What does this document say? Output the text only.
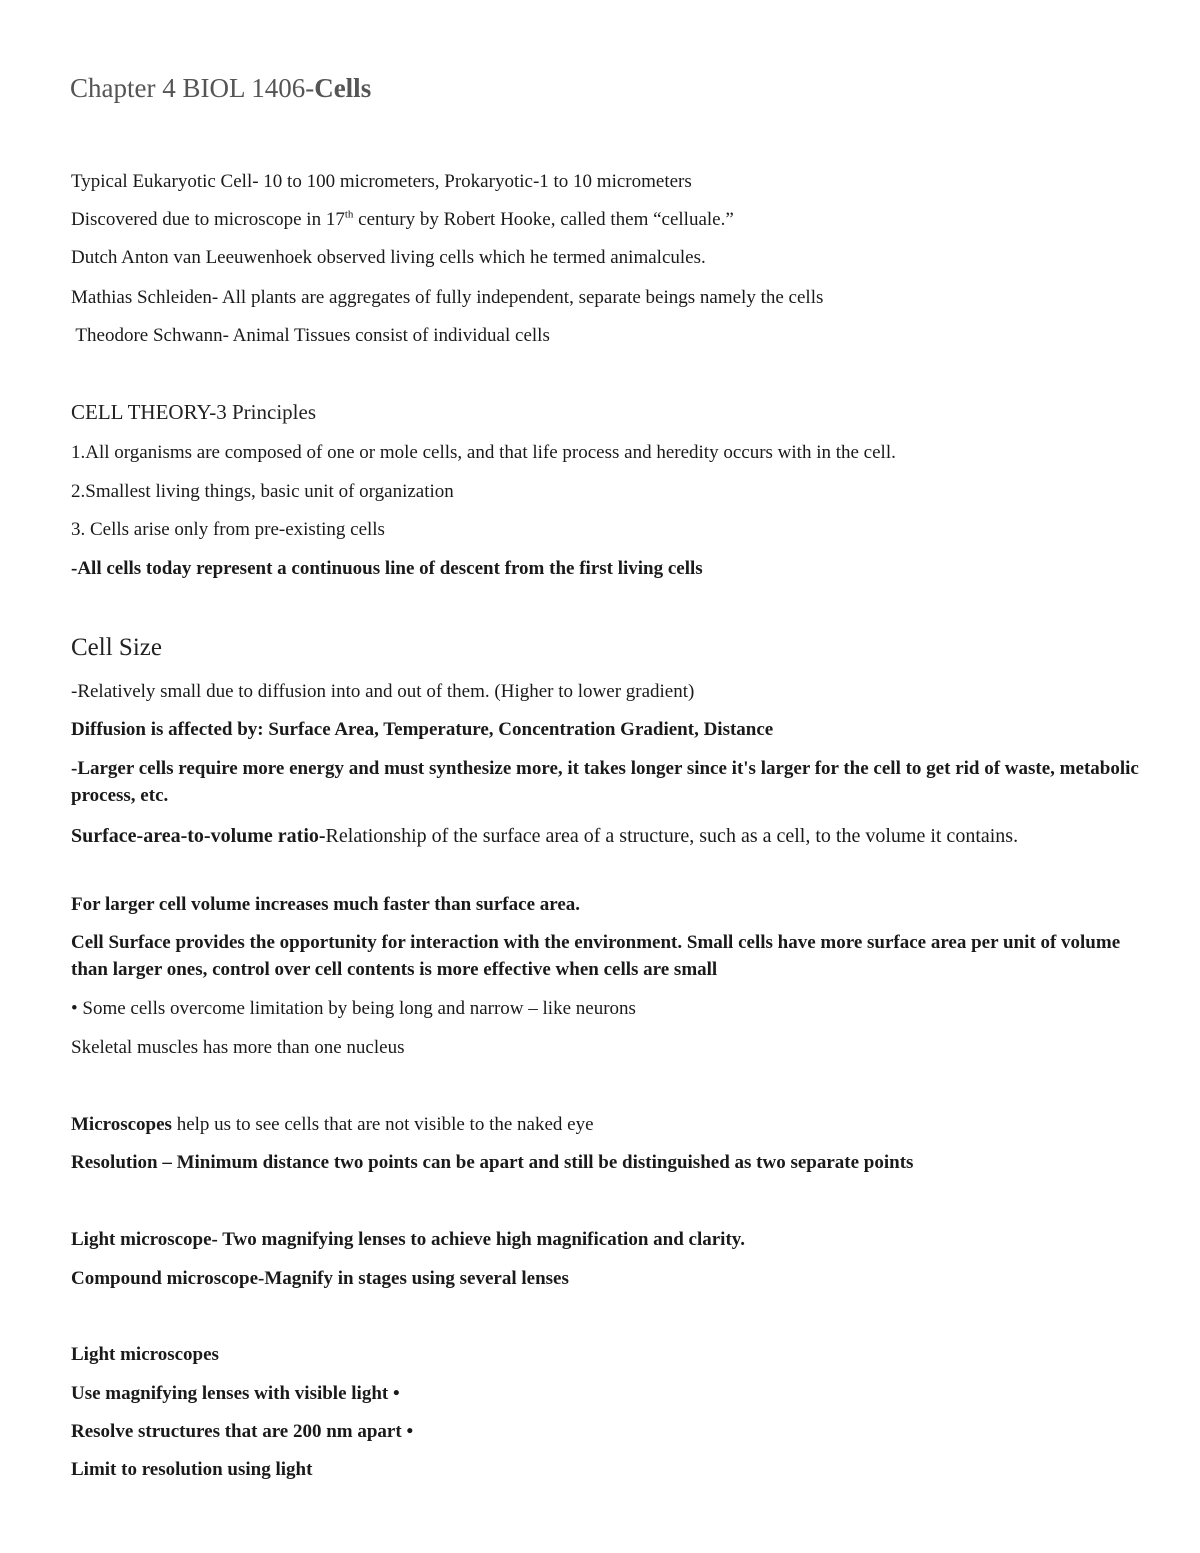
Chapter 4 BIOL 1406-Cells
Typical Eukaryotic Cell- 10 to 100 micrometers, Prokaryotic-1 to 10 micrometers
Discovered due to microscope in 17th century by Robert Hooke, called them “celluale.”
Dutch Anton van Leeuwenhoek observed living cells which he termed animalcules.
Mathias Schleiden- All plants are aggregates of fully independent, separate beings namely the cells
Theodore Schwann- Animal Tissues consist of individual cells
CELL THEORY-3 Principles
1.All organisms are composed of one or mole cells, and that life process and heredity occurs with in the cell.
2.Smallest living things, basic unit of organization
3. Cells arise only from pre-existing cells
-All cells today represent a continuous line of descent from the first living cells
Cell Size
-Relatively small due to diffusion into and out of them. (Higher to lower gradient)
Diffusion is affected by: Surface Area, Temperature, Concentration Gradient, Distance
-Larger cells require more energy and must synthesize more, it takes longer since it's larger for the cell to get rid of waste, metabolic process, etc.
Surface-area-to-volume ratio-Relationship of the surface area of a structure, such as a cell, to the volume it contains.
For larger cell volume increases much faster than surface area.
Cell Surface provides the opportunity for interaction with the environment. Small cells have more surface area per unit of volume than larger ones, control over cell contents is more effective when cells are small
• Some cells overcome limitation by being long and narrow – like neurons
Skeletal muscles has more than one nucleus
Microscopes help us to see cells that are not visible to the naked eye
Resolution – Minimum distance two points can be apart and still be distinguished as two separate points
Light microscope- Two magnifying lenses to achieve high magnification and clarity.
Compound microscope-Magnify in stages using several lenses
Light microscopes
Use magnifying lenses with visible light •
Resolve structures that are 200 nm apart •
Limit to resolution using light
